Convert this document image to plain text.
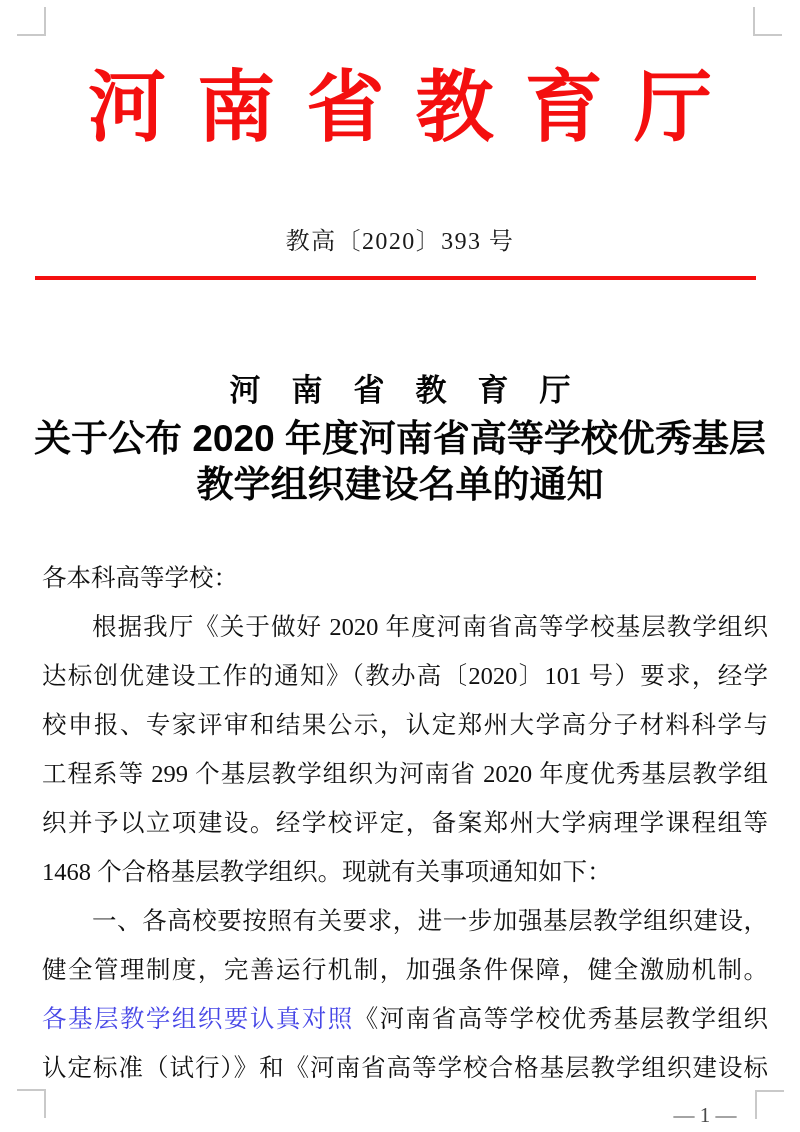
河南省教育厅
教高〔2020〕393 号
河南省教育厅
关于公布 2020 年度河南省高等学校优秀基层
教学组织建设名单的通知
各本科高等学校：
根据我厅《关于做好 2020 年度河南省高等学校基层教学组织
达标创优建设工作的通知》（教办高〔2020〕101 号）要求，经学
校申报、专家评审和结果公示，认定郑州大学高分子材料科学与
工程系等 299 个基层教学组织为河南省 2020 年度优秀基层教学组
织并予以立项建设。经学校评定，备案郑州大学病理学课程组等
1468 个合格基层教学组织。现就有关事项通知如下：
一、各高校要按照有关要求，进一步加强基层教学组织建设，
健全管理制度，完善运行机制，加强条件保障，健全激励机制。
各基层教学组织要认真对照《河南省高等学校优秀基层教学组织
认定标准（试行）》和《河南省高等学校合格基层教学组织建设标
— 1 —
